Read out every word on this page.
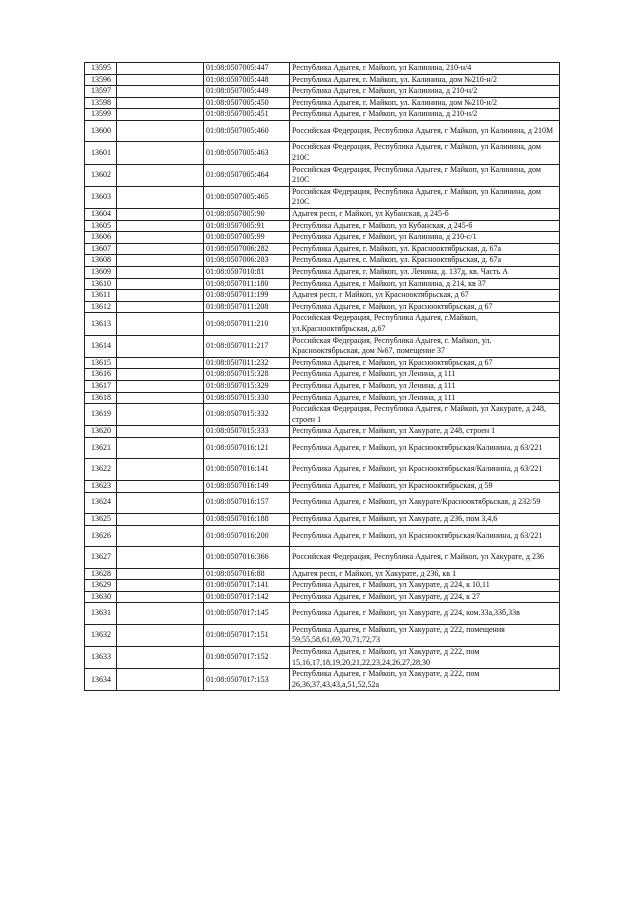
13595		01:08:0507005:447	Республика Адыгея, г Майкоп, ул Калинина, 210-н/4
13596		01:08:0507005:448	Республика Адыгея, г. Майкоп, ул. Калинина, дом №210-н/2
13597		01:08:0507005:449	Республика Адыгея, г Майкоп, ул Калинина, д 210-н/2
13598		01:08:0507005:450	Республика Адыгея, г. Майкоп, ул. Калинина, дом №210-н/2
13599		01:08:0507005:451	Республика Адыгея, г Майкоп, ул Калинина, д 210-н/2
13600		01:08:0507005:460	Российская Федерация, Республика Адыгея, г Майкоп, ул Калинина, д 210М
13601		01:08:0507005:463	Российская Федерация, Республика Адыгея, г Майкоп, ул Калинина, дом 210С
13602		01:08:0507005:464	Российская Федерация, Республика Адыгея, г Майкоп, ул Калинина, дом 210С
13603		01:08:0507005:465	Российская Федерация, Республика Адыгея, г Майкоп, ул Калинина, дом 210С
13604		01:08:0507005:90	Адыгея респ, г Майкоп, ул Кубанская, д 245-б
13605		01:08:0507005:91	Республика Адыгея, г Майкоп, ул Кубанская, д 245-б
13606		01:08:0507005:99	Республика Адыгея, г Майкоп, ул Калинина, д 210-с/1
13607		01:08:0507006:282	Республика Адыгея, г. Майкоп, ул. Краснооктябрьская, д. 67а
13608		01:08:0507006:283	Республика Адыгея, г. Майкоп, ул. Краснооктябрьская, д. 67а
13609		01:08:0507010:81	Республика Адыгея, г. Майкоп, ул. Ленина, д. 137д, кв. Часть А
13610		01:08:0507011:180	Республика Адыгея, г Майкоп, ул Калинина, д 214, кв 37
13611		01:08:0507011:199	Адыгея респ, г Майкоп, ул Краснооктябрьская, д 67
13612		01:08:0507011:208	Республика Адыгея, г Майкоп, ул Краснооктябрьская, д 67
13613		01:08:0507011:210	Российская Федерация, Республика Адыгея, г.Майкоп, ул.Краснооктябрьская, д.67
13614		01:08:0507011:217	Российская Федерация, Республика Адыгея, г. Майкоп, ул. Краснооктябрьская, дом №67, помещение 37
13615		01:08:0507011:232	Республика Адыгея, г Майкоп, ул Краснооктябрьская, д 67
13616		01:08:0507015:328	Республика Адыгея, г Майкоп, ул Ленина, д 111
13617		01:08:0507015:329	Республика Адыгея, г Майкоп, ул Ленина, д 111
13618		01:08:0507015:330	Республика Адыгея, г Майкоп, ул Ленина, д 111
13619		01:08:0507015:332	Российская Федерация, Республика Адыгея, г Майкоп, ул Хакурате, д 248, строен 1
13620		01:08:0507015:333	Республика Адыгея, г Майкоп, ул Хакурате, д 248, строен 1
13621		01:08:0507016:121	Республика Адыгея, г Майкоп, ул Краснооктябрьская/Калинина, д 63/221
13622		01:08:0507016:141	Республика Адыгея, г Майкоп, ул Краснооктябрьская/Калинина, д 63/221
13623		01:08:0507016:149	Республика Адыгея, г Майкоп, ул Краснооктябрьская, д 59
13624		01:08:0507016:157	Республика Адыгея, г Майкоп, ул Хакурате/Краснооктябрьская, д 232/59
13625		01:08:0507016:188	Республика Адыгея, г Майкоп, ул Хакурате, д 236, пом 3,4,6
13626		01:08:0507016:200	Республика Адыгея, г Майкоп, ул Краснооктябрьская/Калинина, д 63/221
13627		01:08:0507016:366	Российская Федерация, Республика Адыгея, г Майкоп, ул Хакурате, д 236
13628		01:08:0507016:88	Адыгея респ, г Майкоп, ул Хакурате, д 236, кв 1
13629		01:08:0507017:141	Республика Адыгея, г Майкоп, ул Хакурате, д 224, к 10,11
13630		01:08:0507017:142	Республика Адыгея, г Майкоп, ул Хакурате, д 224, к 27
13631		01:08:0507017:145	Республика Адыгея, г Майкоп, ул Хакурате, д 224, ком.33а,33б,33в
13632		01:08:0507017:151	Республика Адыгея, г Майкоп, ул Хакурате, д 222, помещения 59,55,58,61,69,70,71,72,73
13633		01:08:0507017:152	Республика Адыгея, г Майкоп, ул Хакурате, д 222, пом 15,16,17,18,19,20,21,22,23,24,26,27,28,30
13634		01:08:0507017:153	Республика Адыгея, г Майкоп, ул Хакурате, д 222, пом 26,36,37,43,43,а,51,52,52а
